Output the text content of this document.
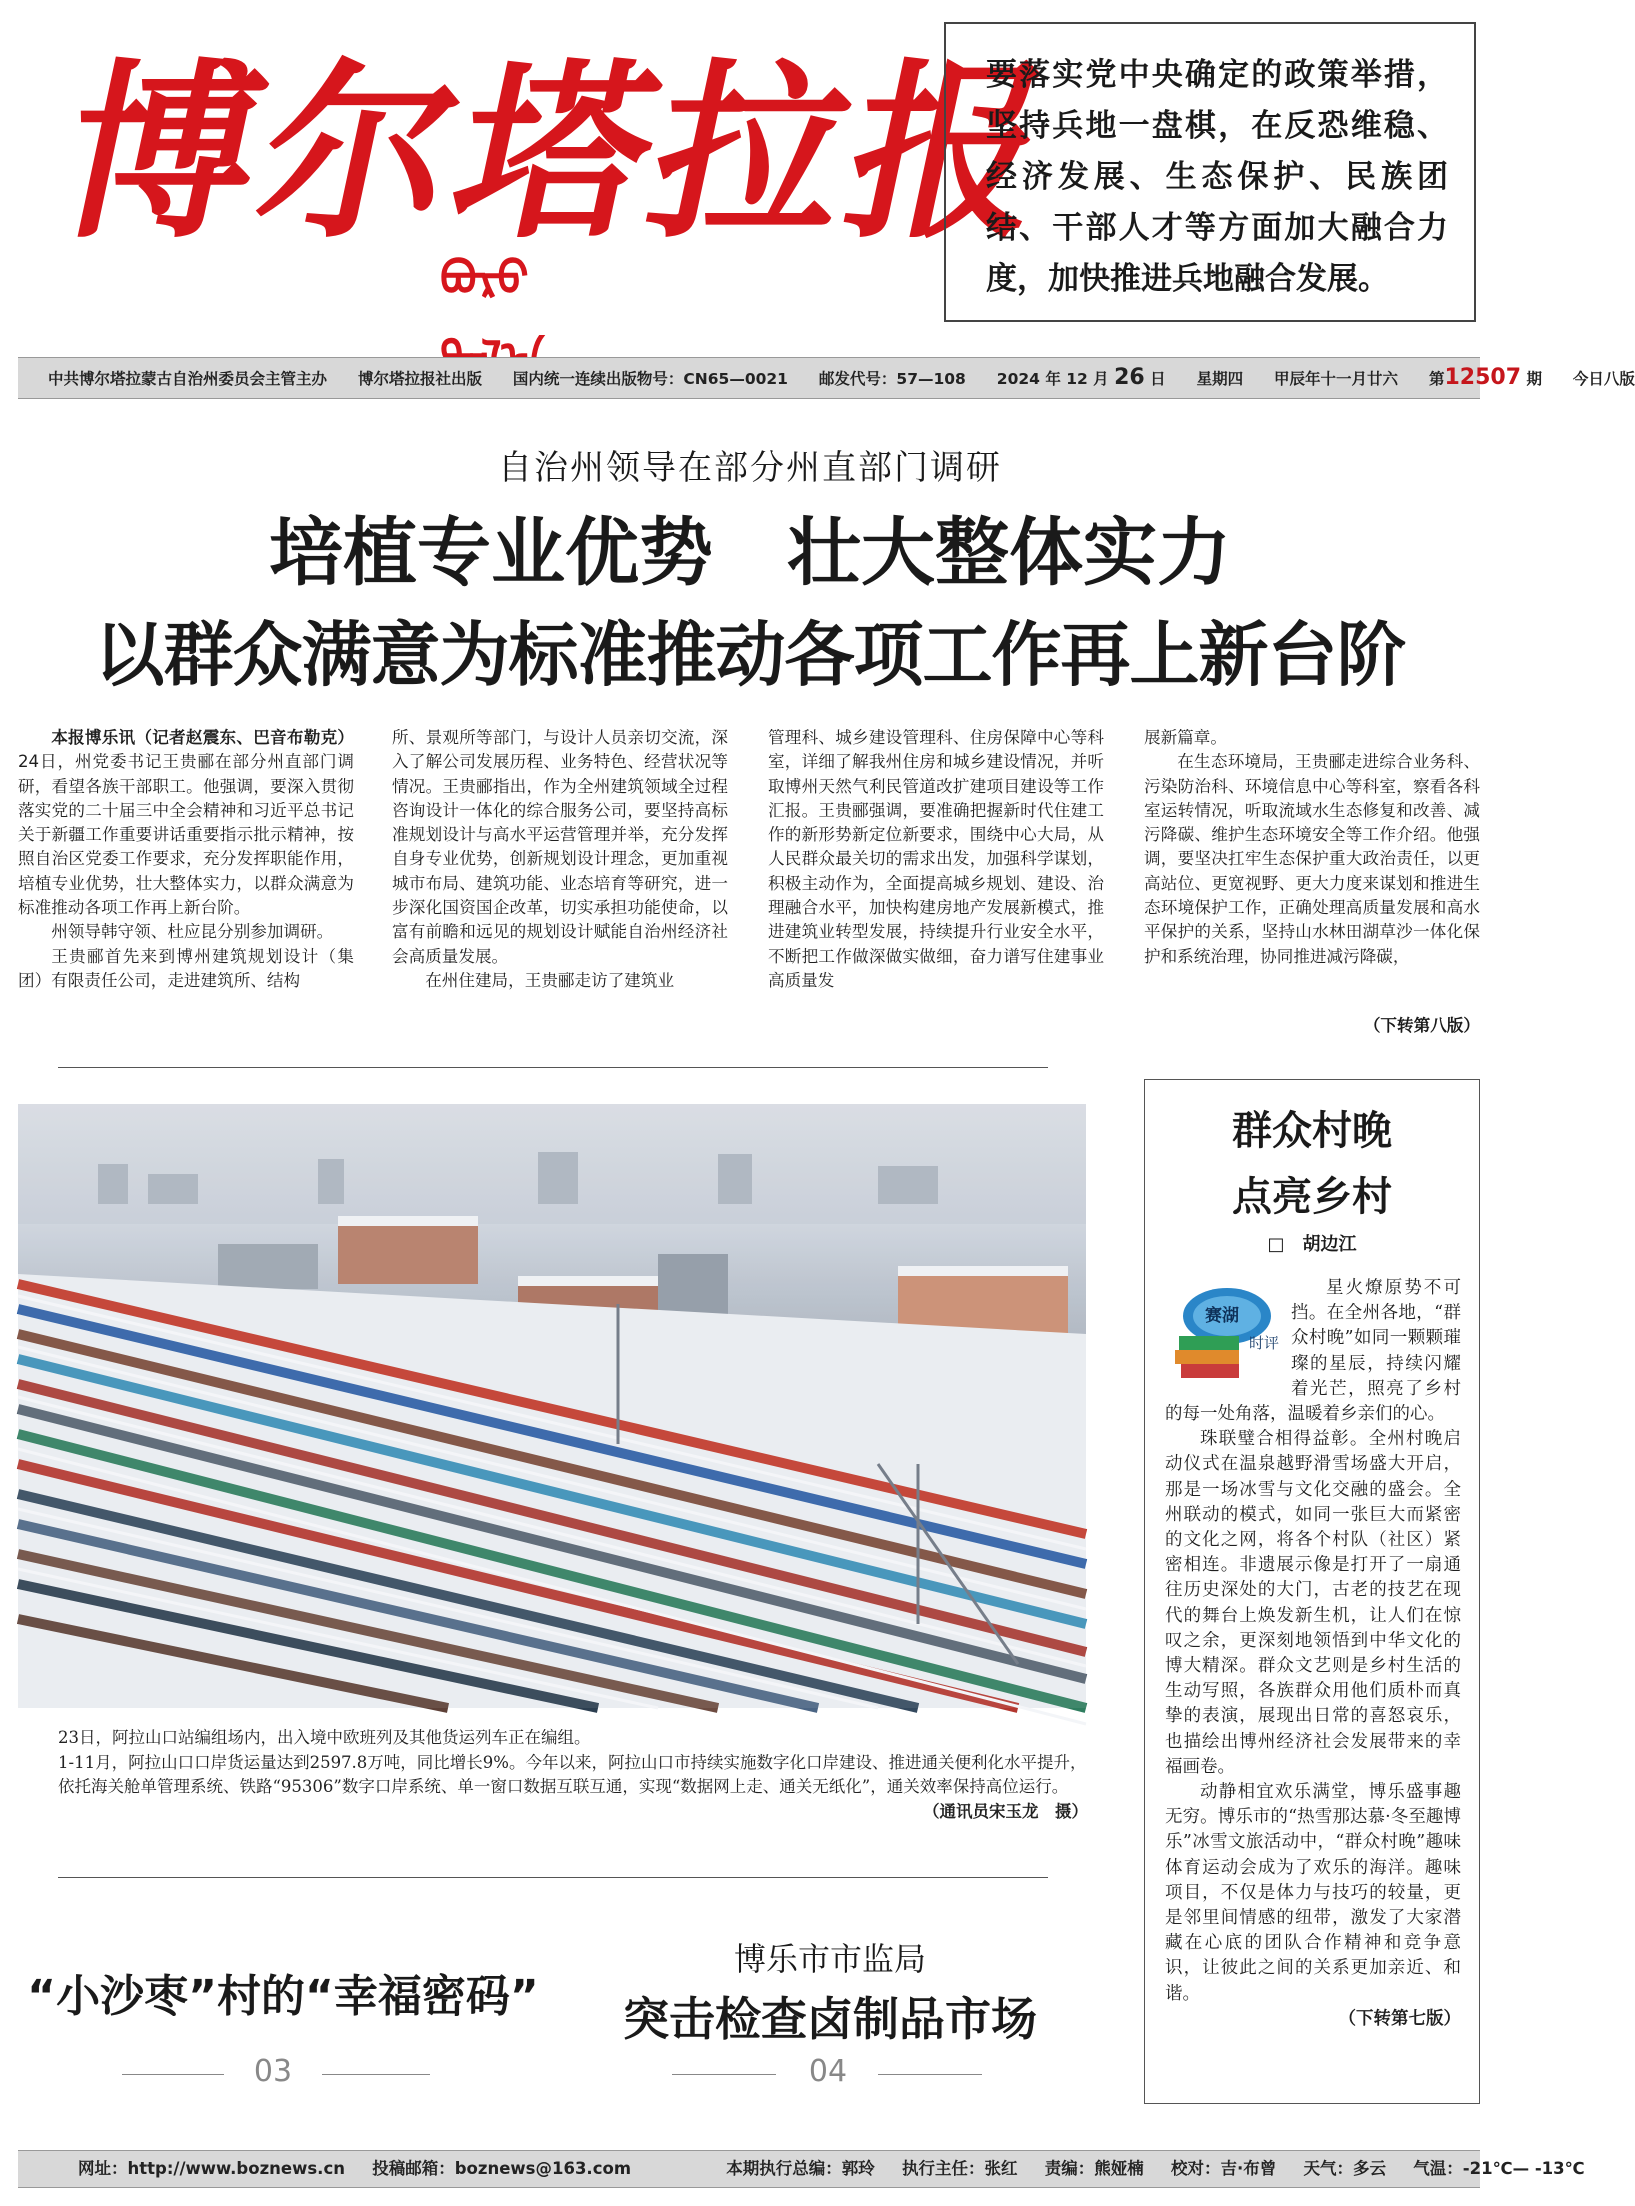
博尔塔拉报
ᠪᠣᠷᠣ
要落实党中央确定的政策举措，坚持兵地一盘棋，在反恐维稳、经济发展、生态保护、民族团结、干部人才等方面加大融合力度，加快推进兵地融合发展。
中共博尔塔拉蒙古自治州委员会主管主办 博尔塔拉报社出版 国内统一连续出版物号：CN65—0021 邮发代号：57—108 2024 年 12 月 26 日 星期四 甲辰年十一月廿六 第12507 期 今日八版
自治州领导在部分州直部门调研
培植专业优势　壮大整体实力
以群众满意为标准推动各项工作再上新台阶

本报博乐讯（记者赵震东、巴音布勒克）24日，州党委书记王贵郦在部分州直部门调研，看望各族干部职工。他强调，要深入贯彻落实党的二十届三中全会精神和习近平总书记关于新疆工作重要讲话重要指示批示精神，按照自治区党委工作要求，充分发挥职能作用，培植专业优势，壮大整体实力，以群众满意为标准推动各项工作再上新台阶。

州领导韩守领、杜应昆分别参加调研。

王贵郦首先来到博州建筑规划设计（集团）有限责任公司，走进建筑所、结构

所、景观所等部门，与设计人员亲切交流，深入了解公司发展历程、业务特色、经营状况等情况。王贵郦指出，作为全州建筑领域全过程咨询设计一体化的综合服务公司，要坚持高标准规划设计与高水平运营管理并举，充分发挥自身专业优势，创新规划设计理念，更加重视城市布局、建筑功能、业态培育等研究，进一步深化国资国企改革，切实承担功能使命，以富有前瞻和远见的规划设计赋能自治州经济社会高质量发展。

在州住建局，王贵郦走访了建筑业

管理科、城乡建设管理科、住房保障中心等科室，详细了解我州住房和城乡建设情况，并听取博州天然气利民管道改扩建项目建设等工作汇报。王贵郦强调，要准确把握新时代住建工作的新形势新定位新要求，围绕中心大局，从人民群众最关切的需求出发，加强科学谋划，积极主动作为，全面提高城乡规划、建设、治理融合水平，加快构建房地产发展新模式，推进建筑业转型发展，持续提升行业安全水平，不断把工作做深做实做细，奋力谱写住建事业高质量发

展新篇章。

在生态环境局，王贵郦走进综合业务科、污染防治科、环境信息中心等科室，察看各科室运转情况，听取流域水生态修复和改善、减污降碳、维护生态环境安全等工作介绍。他强调，要坚决扛牢生态保护重大政治责任，以更高站位、更宽视野、更大力度来谋划和推进生态环境保护工作，正确处理高质量发展和高水平保护的关系，坚持山水林田湖草沙一体化保护和系统治理，协同推进减污降碳，

（下转第八版）

23日，阿拉山口站编组场内，出入境中欧班列及其他货运列车正在编组。

1-11月，阿拉山口口岸货运量达到2597.8万吨，同比增长9%。今年以来，阿拉山口市持续实施数字化口岸建设、推进通关便利化水平提升，依托海关舱单管理系统、铁路“95306”数字口岸系统、单一窗口数据互联互通，实现“数据网上走、通关无纸化”，通关效率保持高位运行。

（通讯员宋玉龙　摄）

群众村晚
点亮乡村
□　胡边江
赛湖
时评

星火燎原势不可挡。在全州各地，“群众村晚”如同一颗颗璀璨的星辰，持续闪耀着光芒，照亮了乡村的每一处角落，温暖着乡亲们的心。

珠联璧合相得益彰。全州村晚启动仪式在温泉越野滑雪场盛大开启，那是一场冰雪与文化交融的盛会。全州联动的模式，如同一张巨大而紧密的文化之网，将各个村队（社区）紧密相连。非遗展示像是打开了一扇通往历史深处的大门，古老的技艺在现代的舞台上焕发新生机，让人们在惊叹之余，更深刻地领悟到中华文化的博大精深。群众文艺则是乡村生活的生动写照，各族群众用他们质朴而真挚的表演，展现出日常的喜怒哀乐，也描绘出博州经济社会发展带来的幸福画卷。

动静相宜欢乐满堂，博乐盛事趣无穷。博乐市的“热雪那达慕·冬至趣博乐”冰雪文旅活动中，“群众村晚”趣味体育运动会成为了欢乐的海洋。趣味项目，不仅是体力与技巧的较量，更是邻里间情感的纽带，激发了大家潜藏在心底的团队合作精神和竞争意识，让彼此之间的关系更加亲近、和谐。

（下转第七版）
“小沙枣”村的“幸福密码”
03
博乐市市监局
突击检查卤制品市场
04
网址：http://www.boznews.cn 投稿邮箱：boznews@163.com	本期执行总编：郭玲 执行主任：张红 责编：熊娅楠 校对：吉·布曾 天气：多云 气温：-21℃— -13℃
